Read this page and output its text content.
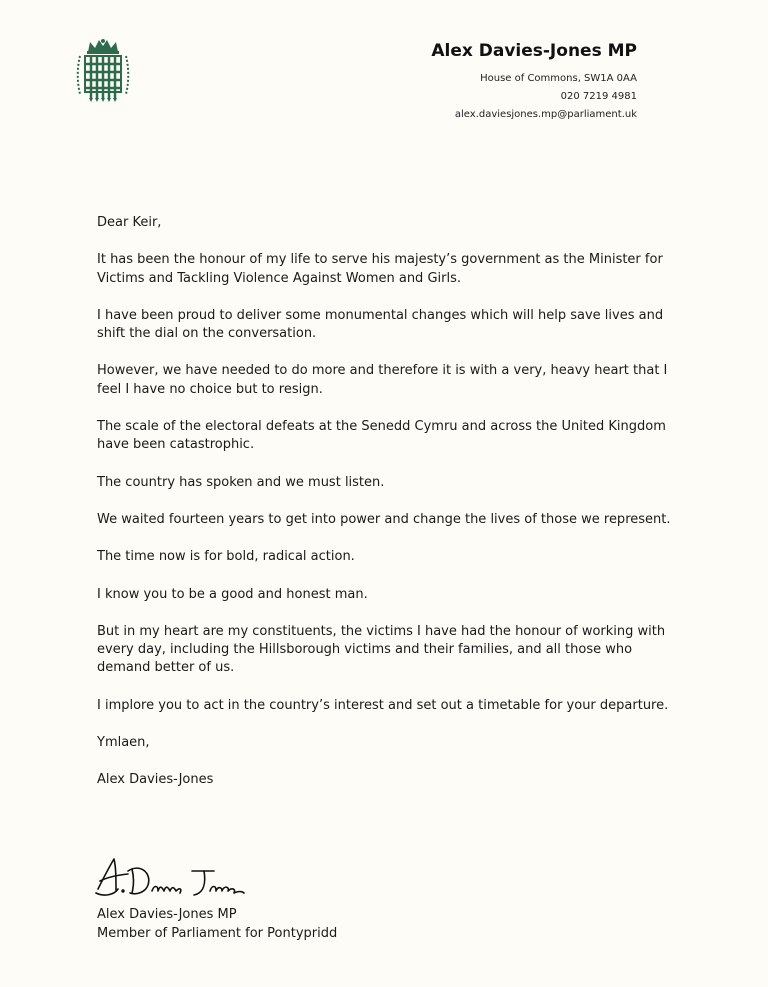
Alex Davies-Jones MP
House of Commons, SW1A 0AA
020 7219 4981
alex.daviesjones.mp@parliament.uk

Dear Keir,

It has been the honour of my life to serve his majesty’s government as the Minister for Victims and Tackling Violence Against Women and Girls.

I have been proud to deliver some monumental changes which will help save lives and shift the dial on the conversation.

However, we have needed to do more and therefore it is with a very, heavy heart that I feel I have no choice but to resign.

The scale of the electoral defeats at the Senedd Cymru and across the United Kingdom have been catastrophic.

The country has spoken and we must listen.

We waited fourteen years to get into power and change the lives of those we represent.

The time now is for bold, radical action.

I know you to be a good and honest man.

But in my heart are my constituents, the victims I have had the honour of working with every day, including the Hillsborough victims and their families, and all those who demand better of us.

I implore you to act in the country’s interest and set out a timetable for your departure.

Ymlaen,

Alex Davies-Jones

Alex Davies-Jones MP
Member of Parliament for Pontypridd
